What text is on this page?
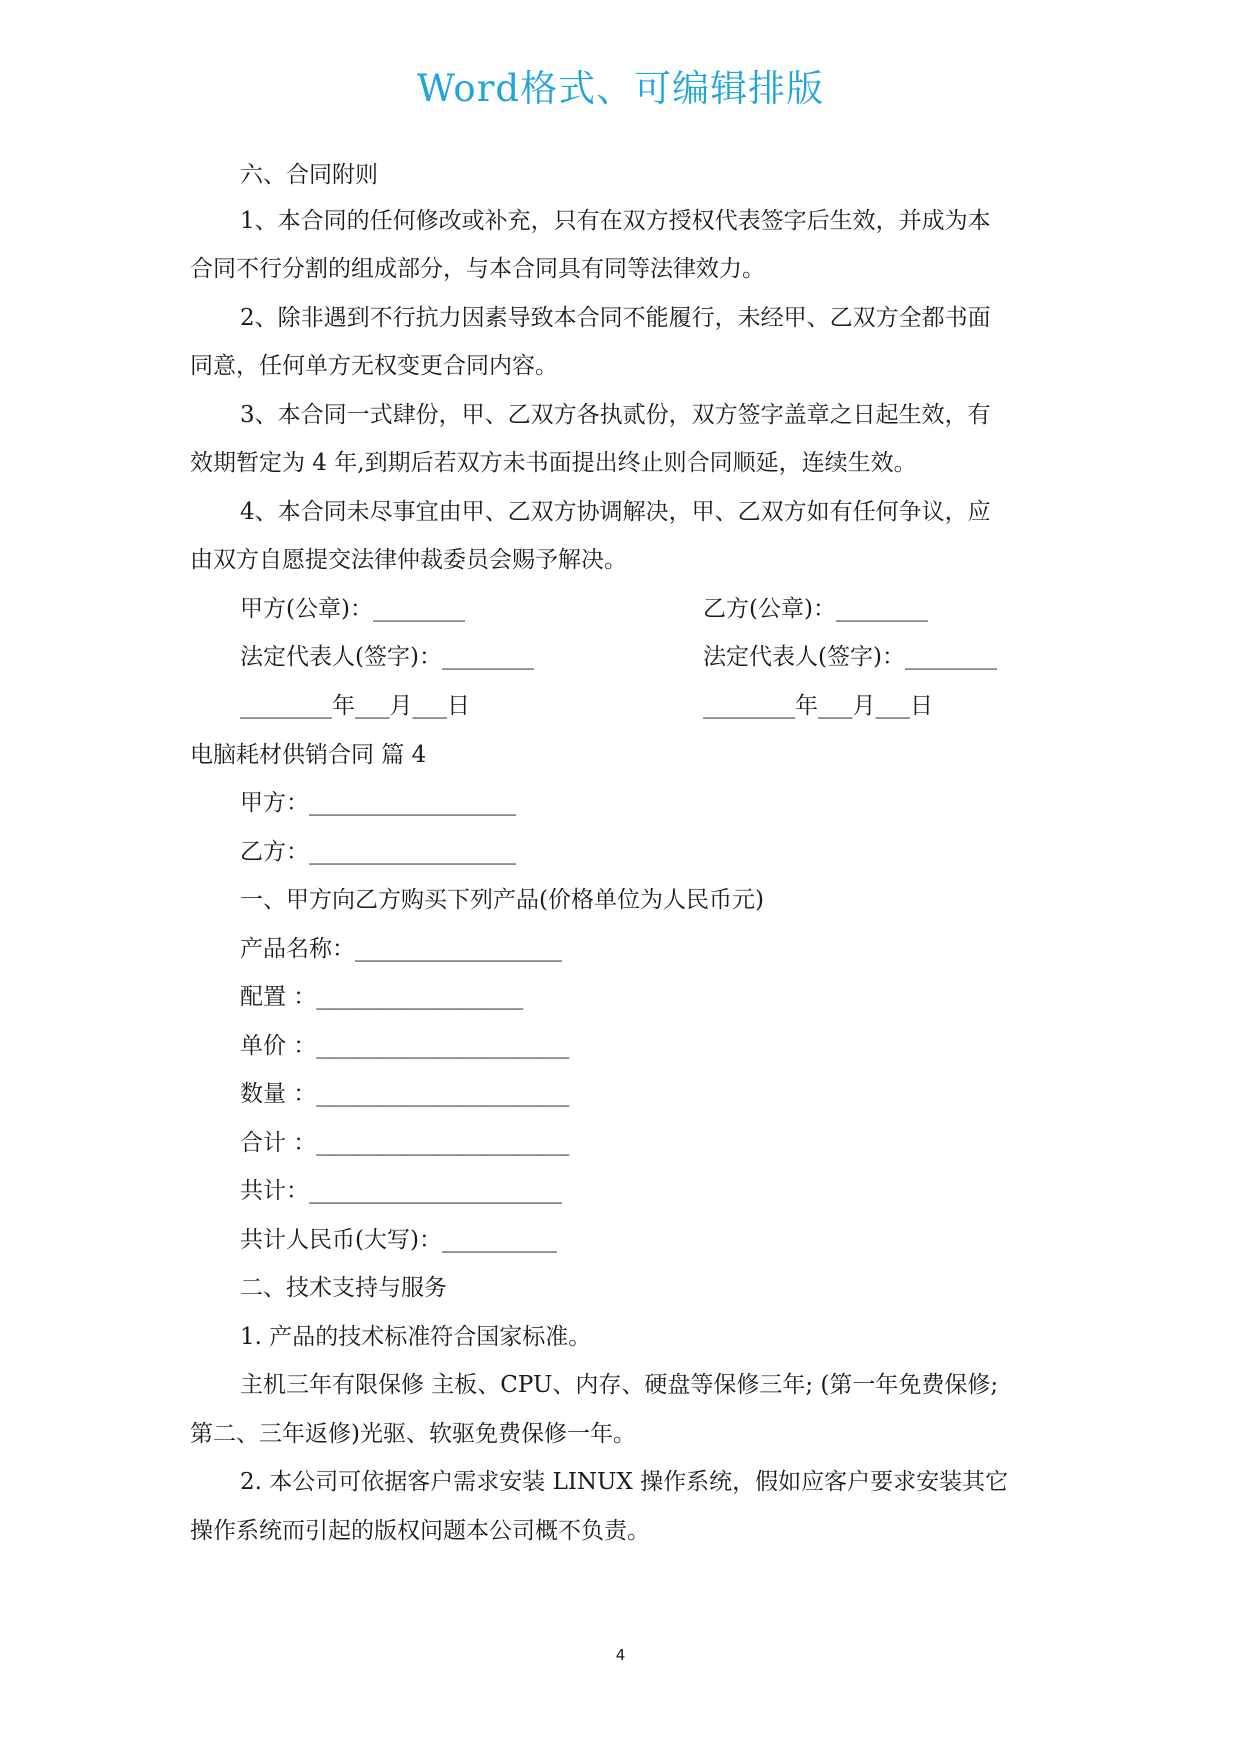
Word格式、可编辑排版
六、合同附则
1、本合同的任何修改或补充，只有在双方授权代表签字后生效，并成为本
合同不行分割的组成部分，与本合同具有同等法律效力。
2、除非遇到不行抗力因素导致本合同不能履行，未经甲、乙双方全都书面
同意，任何单方无权变更合同内容。
3、本合同一式肆份，甲、乙双方各执贰份，双方签字盖章之日起生效，有
效期暂定为 4 年,到期后若双方未书面提出终止则合同顺延，连续生效。
4、本合同未尽事宜由甲、乙双方协调解决，甲、乙双方如有任何争议，应
由双方自愿提交法律仲裁委员会赐予解决。
甲方(公章)：________	乙方(公章)：________
法定代表人(签字)：________	法定代表人(签字)：________
________年___月___日	________年___月___日
电脑耗材供销合同 篇 4
甲方：__________________
乙方：__________________
一、甲方向乙方购买下列产品(价格单位为人民币元)
产品名称：__________________
配置 ：__________________
单价 ：______________________
数量 ：______________________
合计 ：______________________
共计：______________________
共计人民币(大写)：__________
二、技术支持与服务
1. 产品的技术标准符合国家标准。
主机三年有限保修 主板、CPU、内存、硬盘等保修三年; (第一年免费保修;
第二、三年返修)光驱、软驱免费保修一年。
2. 本公司可依据客户需求安装 LINUX 操作系统，假如应客户要求安装其它
操作系统而引起的版权问题本公司概不负责。
4
